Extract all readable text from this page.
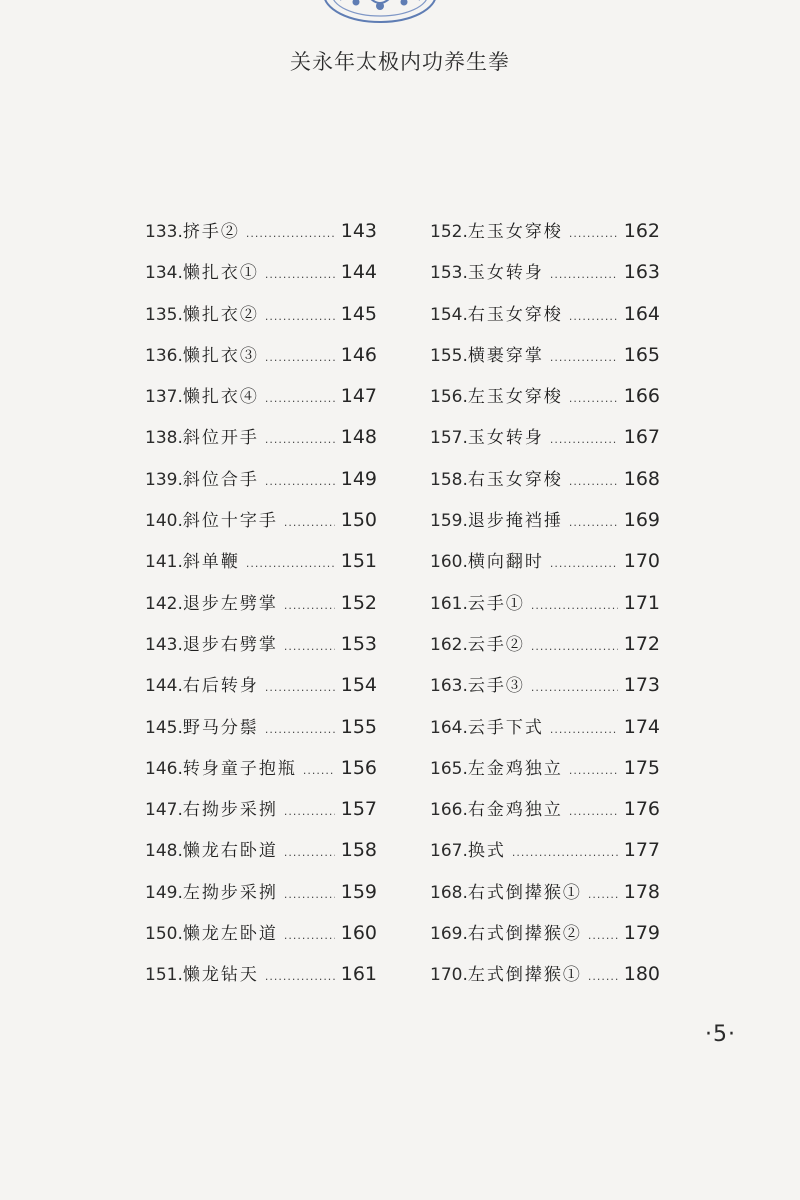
关永年太极内功养生拳
133. 挤手② .....	143
134. 懒扎衣① .....	144
135. 懒扎衣② .....	145
136. 懒扎衣③ .....	146
137. 懒扎衣④ .....	147
138. 斜位开手 .....	148
139. 斜位合手 .....	149
140. 斜位十字手 .....	150
141. 斜单鞭 .....	151
142. 退步左劈掌 .....	152
143. 退步右劈掌 .....	153
144. 右后转身 .....	154
145. 野马分鬃 .....	155
146. 转身童子抱瓶 ..... 156
147. 右拗步采挒 .....	157
148. 懒龙右卧道 .....	158
149. 左拗步采挒 .....	159
150. 懒龙左卧道 .....	160
151. 懒龙钻天 .....	161
152. 左玉女穿梭 .....	162
153. 玉女转身 .....	163
154. 右玉女穿梭 .....	164
155. 横裹穿掌 .....	165
156. 左玉女穿梭 .....	166
157. 玉女转身 .....	167
158. 右玉女穿梭 .....	168
159. 退步掩裆捶 .....	169
160. 横向翻时 .....	170
161. 云手① .....	171
162. 云手② .....	172
163. 云手③ .....	173
164. 云手下式 .....	174
165. 左金鸡独立 .....	175
166. 右金鸡独立 .....	176
167. 换式 .....	177
168. 右式倒撵猴① ..... 178
169. 右式倒撵猴② ..... 179
170. 左式倒撵猴① ..... 180
·5·
